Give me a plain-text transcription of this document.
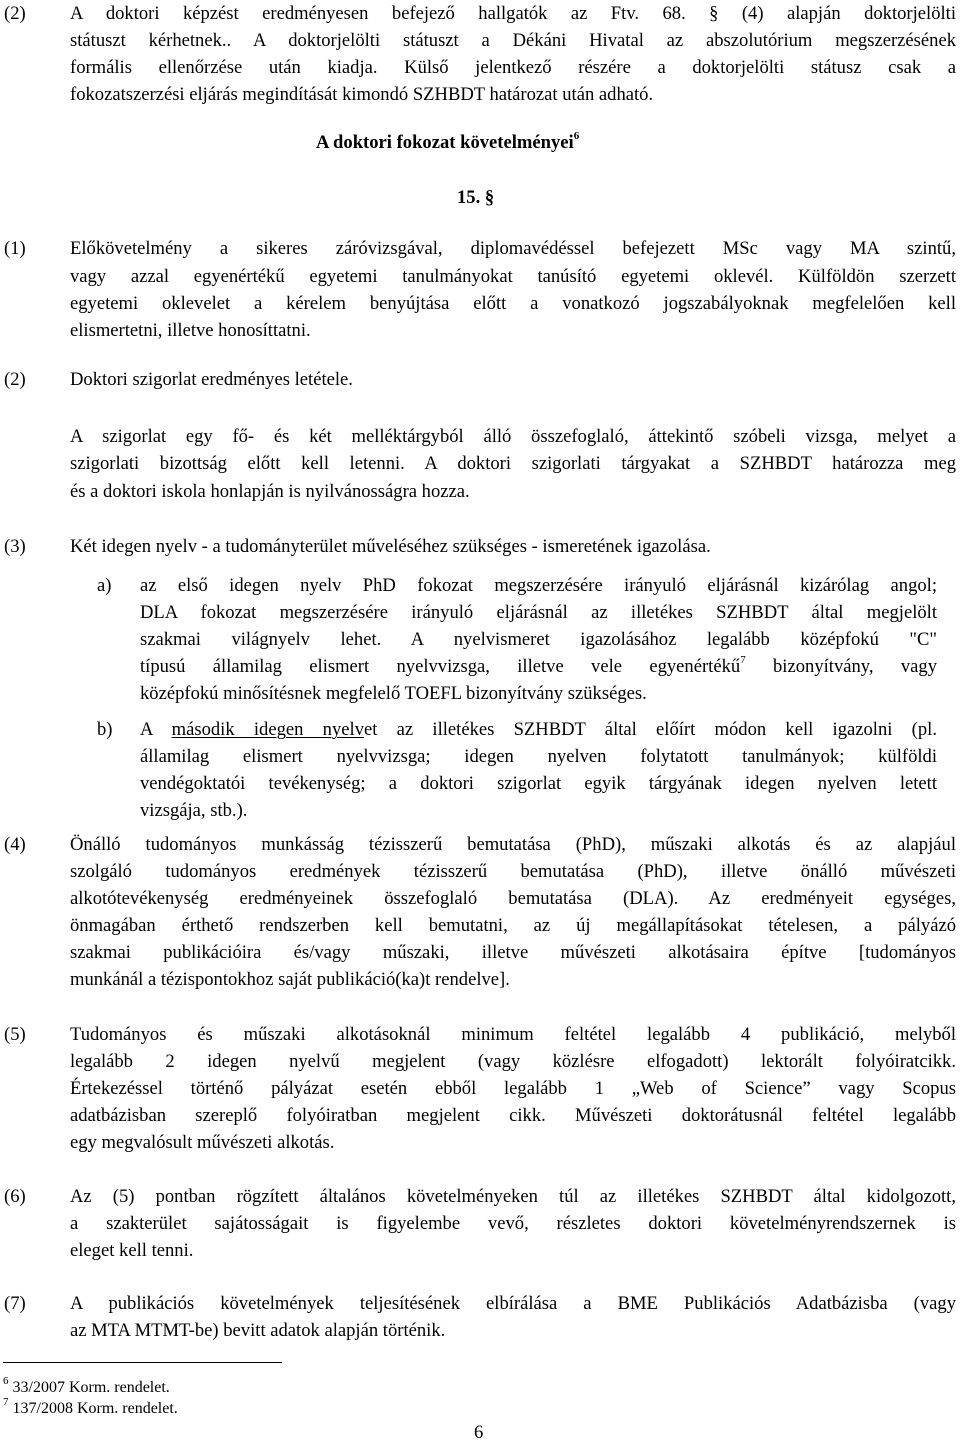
(2) A doktori képzést eredményesen befejező hallgatók az Ftv. 68. § (4) alapján doktorjelölti
státuszt kérhetnek.. A doktorjelölti státuszt a Dékáni Hivatal az abszolutórium megszerzésének
formális ellenőrzése után kiadja. Külső jelentkező részére a doktorjelölti státusz csak a
fokozatszerzési eljárás megindítását kimondó SZHBDT határozat után adható.
A doktori fokozat követelményei$^6$
15. §
(1) Előkövetelmény a sikeres záróvizsgával, diplomavédéssel befejezett MSc vagy MA szintű,
vagy azzal egyenértékű egyetemi tanulmányokat tanúsító egyetemi oklevél. Külföldön szerzett
egyetemi oklevelet a kérelem benyújtása előtt a vonatkozó jogszabályoknak megfelelően kell
elismertetni, illetve honosíttatni.
(2) Doktori szigorlat eredményes letétele.
A szigorlat egy fő- és két melléktárgyból álló összefoglaló, áttekintő szóbeli vizsga, melyet a
szigorlati bizottság előtt kell letenni. A doktori szigorlati tárgyakat a SZHBDT határozza meg
és a doktori iskola honlapján is nyilvánosságra hozza.
(3) Két idegen nyelv - a tudományterület műveléséhez szükséges - ismeretének igazolása.
a) az első idegen nyelv PhD fokozat megszerzésére irányuló eljárásnál kizárólag angol;
DLA fokozat megszerzésére irányuló eljárásnál az illetékes SZHBDT által megjelölt
szakmai világnyelv lehet. A nyelvismeret igazolásához legalább középfokú "C"
típusú államilag elismert nyelvvizsga, illetve vele egyenértékű$^7$ bizonyítvány, vagy
középfokú minősítésnek megfelelő TOEFL bizonyítvány szükséges.
b) A második idegen nyelvet az illetékes SZHBDT által előírt módon kell igazolni (pl.
államilag elismert nyelvvizsga; idegen nyelven folytatott tanulmányok; külföldi
vendégoktatói tevékenység; a doktori szigorlat egyik tárgyának idegen nyelven letett
vizsgája, stb.).
(4) Önálló tudományos munkásság tézisszerű bemutatása (PhD), műszaki alkotás és az alapjául
szolgáló tudományos eredmények tézisszerű bemutatása (PhD), illetve önálló művészeti
alkotótevékenység eredményeinek összefoglaló bemutatása (DLA). Az eredményeit egységes,
önmagában érthető rendszerben kell bemutatni, az új megállapításokat tételesen, a pályázó
szakmai publikációira és/vagy műszaki, illetve művészeti alkotásaira építve [tudományos
munkánál a tézispontokhoz saját publikáció(ka)t rendelve].
(5) Tudományos és műszaki alkotásoknál minimum feltétel legalább 4 publikáció, melyből
legalább 2 idegen nyelvű megjelent (vagy közlésre elfogadott) lektorált folyóiratcikk.
Értekezéssel történő pályázat esetén ebből legalább 1 „Web of Science” vagy Scopus
adatbázisban szereplő folyóiratban megjelent cikk. Művészeti doktorátusnál feltétel legalább
egy megvalósult művészeti alkotás.
(6) Az (5) pontban rögzített általános követelményeken túl az illetékes SZHBDT által kidolgozott,
a szakterület sajátosságait is figyelembe vevő, részletes doktori követelményrendszernek is
eleget kell tenni.
(7) A publikációs követelmények teljesítésének elbírálása a BME Publikációs Adatbázisba (vagy
az MTA MTMT-be) bevitt adatok alapján történik.
$^6$ 33/2007 Korm. rendelet.
$^7$ 137/2008 Korm. rendelet.
6
